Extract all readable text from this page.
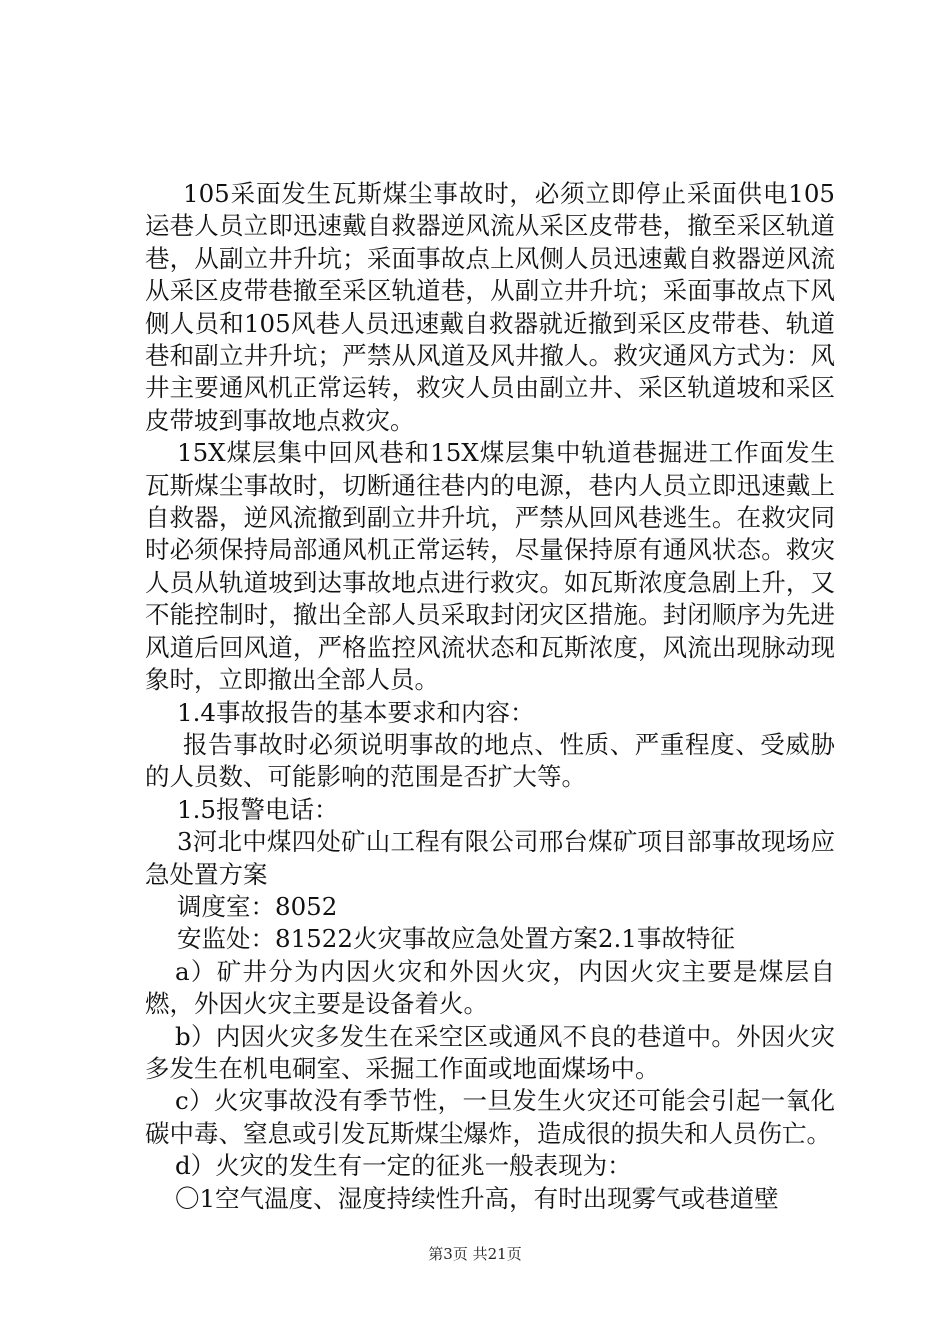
105采面发生瓦斯煤尘事故时，必须立即停止采面供电105运巷人员立即迅速戴自救器逆风流从采区皮带巷，撤至采区轨道巷，从副立井升坑；采面事故点上风侧人员迅速戴自救器逆风流从采区皮带巷撤至采区轨道巷，从副立井升坑；采面事故点下风侧人员和105风巷人员迅速戴自救器就近撤到采区皮带巷、轨道巷和副立井升坑；严禁从风道及风井撤人。救灾通风方式为：风井主要通风机正常运转，救灾人员由副立井、采区轨道坡和采区皮带坡到事故地点救灾。

15X煤层集中回风巷和15X煤层集中轨道巷掘进工作面发生瓦斯煤尘事故时，切断通往巷内的电源，巷内人员立即迅速戴上自救器，逆风流撤到副立井升坑，严禁从回风巷逃生。在救灾同时必须保持局部通风机正常运转，尽量保持原有通风状态。救灾人员从轨道坡到达事故地点进行救灾。如瓦斯浓度急剧上升，又不能控制时，撤出全部人员采取封闭灾区措施。封闭顺序为先进风道后回风道，严格监控风流状态和瓦斯浓度，风流出现脉动现象时，立即撤出全部人员。

1.4事故报告的基本要求和内容：

报告事故时必须说明事故的地点、性质、严重程度、受威胁的人员数、可能影响的范围是否扩大等。

1.5报警电话：

3河北中煤四处矿山工程有限公司邢台煤矿项目部事故现场应急处置方案

调度室：8052

安监处：81522火灾事故应急处置方案2.1事故特征

a）矿井分为内因火灾和外因火灾，内因火灾主要是煤层自燃，外因火灾主要是设备着火。

b）内因火灾多发生在采空区或通风不良的巷道中。外因火灾多发生在机电硐室、采掘工作面或地面煤场中。

c）火灾事故没有季节性，一旦发生火灾还可能会引起一氧化碳中毒、窒息或引发瓦斯煤尘爆炸，造成很的损失和人员伤亡。

d）火灾的发生有一定的征兆一般表现为：

〇1空气温度、湿度持续性升高，有时出现雾气或巷道壁

第3页 共21页
